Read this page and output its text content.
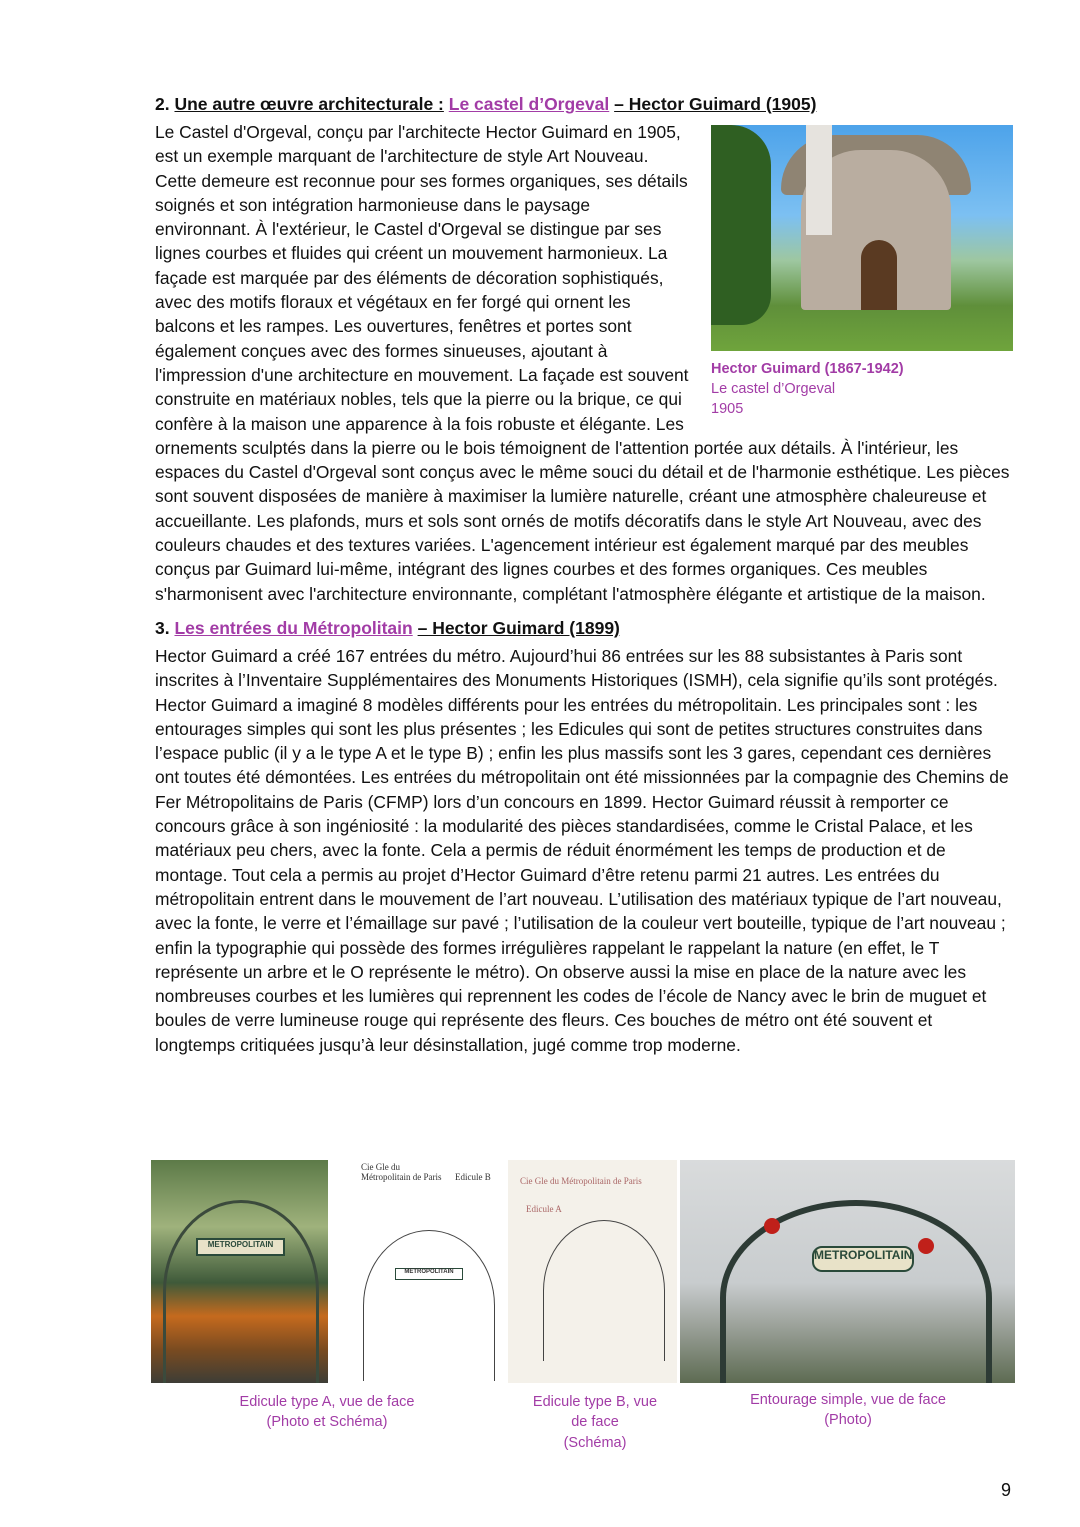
2. Une autre œuvre architecturale : Le castel d’Orgeval – Hector Guimard (1905)
Hector Guimard (1867-1942)
Le castel d’Orgeval
1905

Le Castel d'Orgeval, conçu par l'architecte Hector Guimard en 1905, est un exemple marquant de l'architecture de style Art Nouveau. Cette demeure est reconnue pour ses formes organiques, ses détails soignés et son intégration harmonieuse dans le paysage environnant. À l'extérieur, le Castel d'Orgeval se distingue par ses lignes courbes et fluides qui créent un mouvement harmonieux. La façade est marquée par des éléments de décoration sophistiqués, avec des motifs floraux et végétaux en fer forgé qui ornent les balcons et les rampes. Les ouvertures, fenêtres et portes sont également conçues avec des formes sinueuses, ajoutant à l'impression d'une architecture en mouvement. La façade est souvent construite en matériaux nobles, tels que la pierre ou la brique, ce qui confère à la maison une apparence à la fois robuste et élégante. Les ornements sculptés dans la pierre ou le bois témoignent de l'attention portée aux détails. À l'intérieur, les espaces du Castel d'Orgeval sont conçus avec le même souci du détail et de l'harmonie esthétique. Les pièces sont souvent disposées de manière à maximiser la lumière naturelle, créant une atmosphère chaleureuse et accueillante. Les plafonds, murs et sols sont ornés de motifs décoratifs dans le style Art Nouveau, avec des couleurs chaudes et des textures variées. L'agencement intérieur est également marqué par des meubles conçus par Guimard lui-même, intégrant des lignes courbes et des formes organiques. Ces meubles s'harmonisent avec l'architecture environnante, complétant l'atmosphère élégante et artistique de la maison.

3. Les entrées du Métropolitain – Hector Guimard (1899)

Hector Guimard a créé 167 entrées du métro. Aujourd’hui 86 entrées sur les 88 subsistantes à Paris sont inscrites à l’Inventaire Supplémentaires des Monuments Historiques (ISMH), cela signifie qu’ils sont protégés. Hector Guimard a imaginé 8 modèles différents pour les entrées du métropolitain. Les principales sont : les entourages simples qui sont les plus présentes ; les Edicules qui sont de petites structures construites dans l’espace public (il y a le type A et le type B) ; enfin les plus massifs sont les 3 gares, cependant ces dernières ont toutes été démontées. Les entrées du métropolitain ont été missionnées par la compagnie des Chemins de Fer Métropolitains de Paris (CFMP) lors d’un concours en 1899. Hector Guimard réussit à remporter ce concours grâce à son ingéniosité : la modularité des pièces standardisées, comme le Cristal Palace, et les matériaux peu chers, avec la fonte. Cela a permis de réduit énormément les temps de production et de montage. Tout cela a permis au projet d’Hector Guimard d’être retenu parmi 21 autres. Les entrées du métropolitain entrent dans le mouvement de l’art nouveau. L’utilisation des matériaux typique de l’art nouveau, avec la fonte, le verre et l’émaillage sur pavé ; l’utilisation de la couleur vert bouteille, typique de l’art nouveau ; enfin la typographie qui possède des formes irrégulières rappelant le rappelant la nature (en effet, le T représente un arbre et le O représente le métro). On observe aussi la mise en place de la nature avec les nombreuses courbes et les lumières qui reprennent les codes de l’école de Nancy avec le brin de muguet et boules de verre lumineuse rouge qui représente des fleurs. Ces bouches de métro ont été souvent et longtemps critiquées jusqu’à leur désinstallation, jugé comme trop moderne.

METROPOLITAIN
Cie Gle du Métropolitain de Paris	Edicule B
METROPOLITAIN
Cie Gle du Métropolitain de Paris
Edicule A
METROPOLITAIN
Edicule type A, vue de face
(Photo et Schéma)
Edicule type B, vue
de face
(Schéma)
Entourage simple, vue de face
(Photo)
9
